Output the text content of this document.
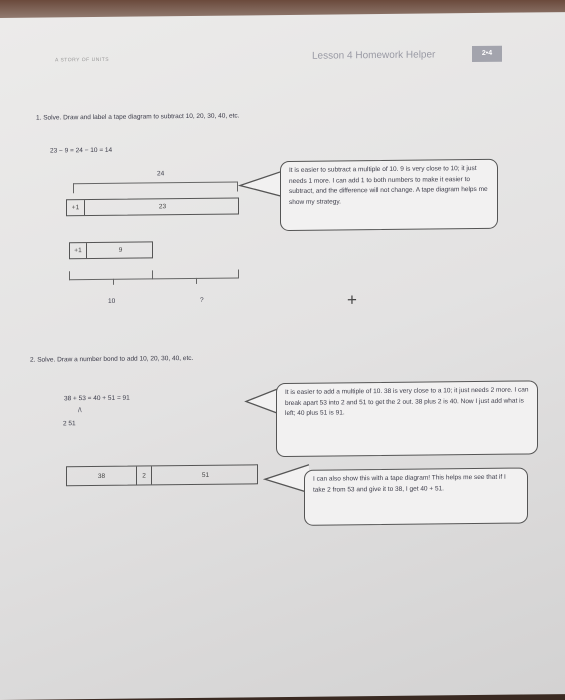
A STORY OF UNITS	Lesson 4 Homework Helper	2•4
1. Solve. Draw and label a tape diagram to subtract 10, 20, 30, 40, etc.
23 − 9 = 24 − 10 = 14
24
+1	23
+1	9
10	?
It is easier to subtract a multiple of 10. 9 is very close to 10; it just needs 1 more. I can add 1 to both numbers to make it easier to subtract, and the difference will not change. A tape diagram helps me show my strategy.
+
2. Solve. Draw a number bond to add 10, 20, 30, 40, etc.
38 + 53 = 40 + 51 = 91
/\
2 51
It is easier to add a multiple of 10. 38 is very close to a 10; it just needs 2 more. I can break apart 53 into 2 and 51 to get the 2 out. 38 plus 2 is 40. Now I just add what is left; 40 plus 51 is 91.
38	2	51	I can also show this with a tape diagram! This helps me see that if I take 2 from 53 and give it to 38, I get 40 + 51.
